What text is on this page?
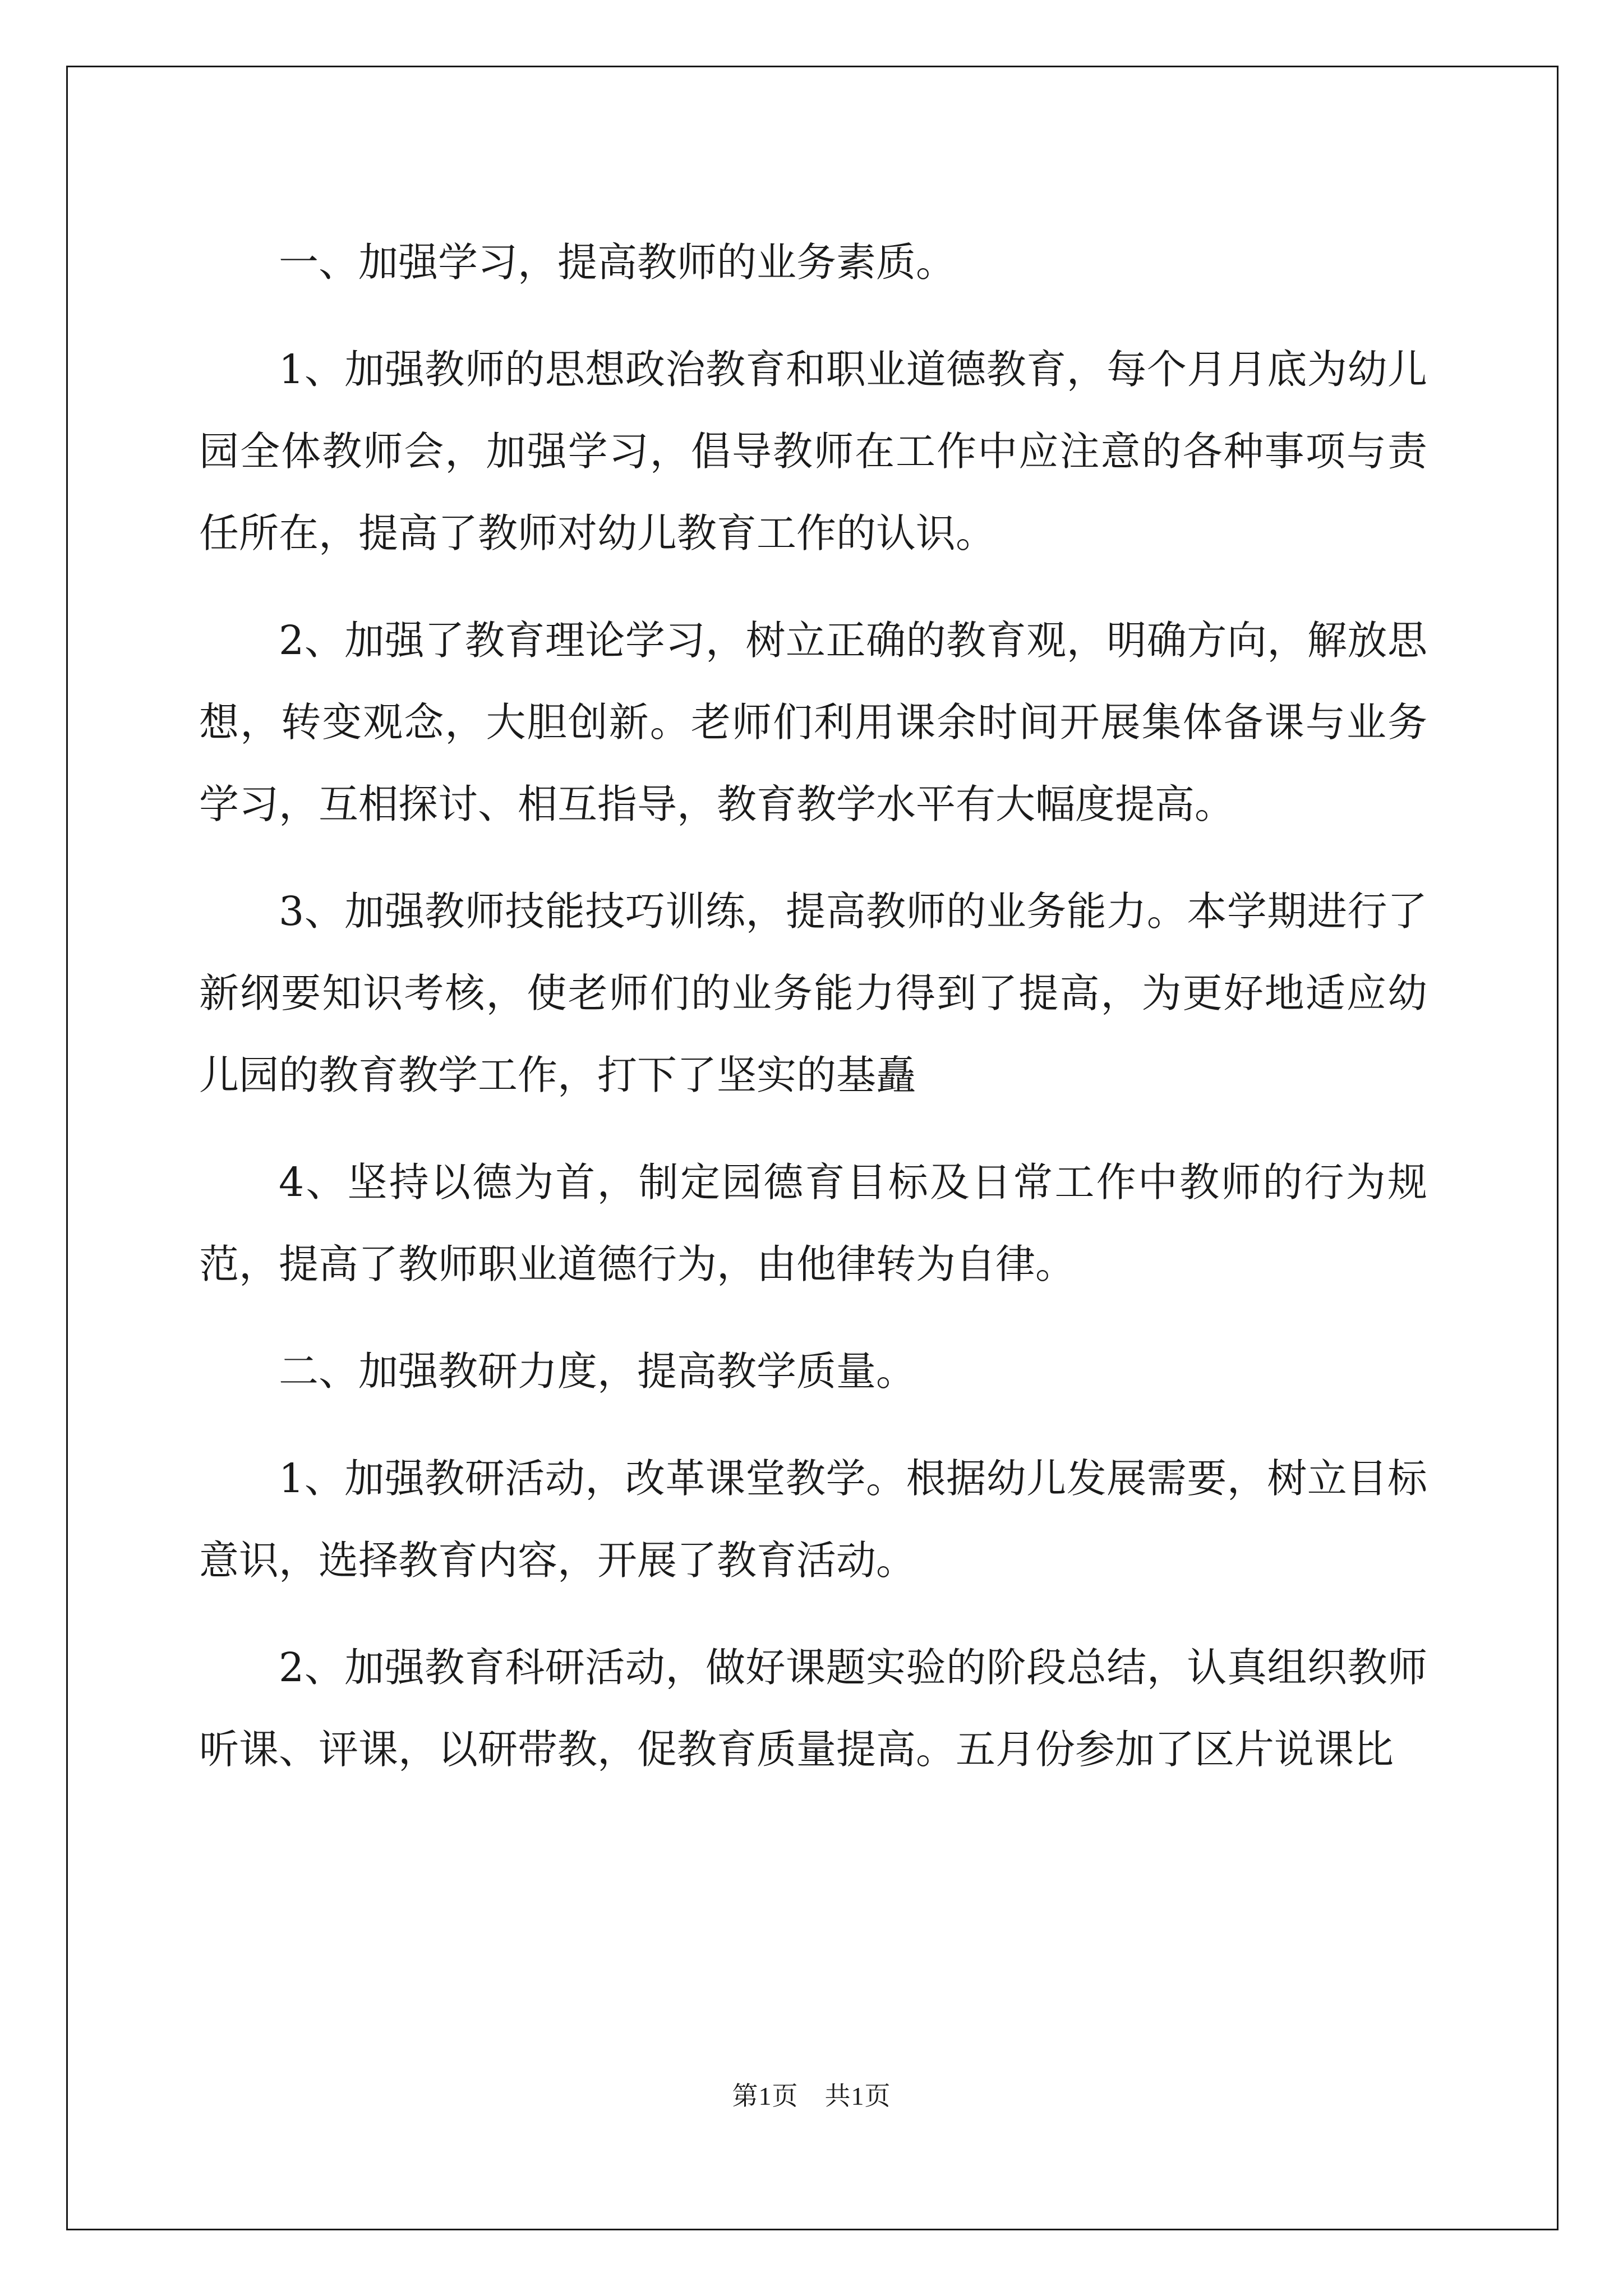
一、加强学习，提高教师的业务素质。

1、加强教师的思想政治教育和职业道德教育，每个月月底为幼儿园全体教师会，加强学习，倡导教师在工作中应注意的各种事项与责任所在，提高了教师对幼儿教育工作的认识。

2、加强了教育理论学习，树立正确的教育观，明确方向，解放思想，转变观念，大胆创新。老师们利用课余时间开展集体备课与业务学习，互相探讨、相互指导，教育教学水平有大幅度提高。

3、加强教师技能技巧训练，提高教师的业务能力。本学期进行了新纲要知识考核，使老师们的业务能力得到了提高，为更好地适应幼儿园的教育教学工作，打下了坚实的基矗

4、坚持以德为首，制定园德育目标及日常工作中教师的行为规范，提高了教师职业道德行为，由他律转为自律。

二、加强教研力度，提高教学质量。

1、加强教研活动，改革课堂教学。根据幼儿发展需要，树立目标意识，选择教育内容，开展了教育活动。

2、加强教育科研活动，做好课题实验的阶段总结，认真组织教师听课、评课，以研带教，促教育质量提高。五月份参加了区片说课比

第1页　共1页
